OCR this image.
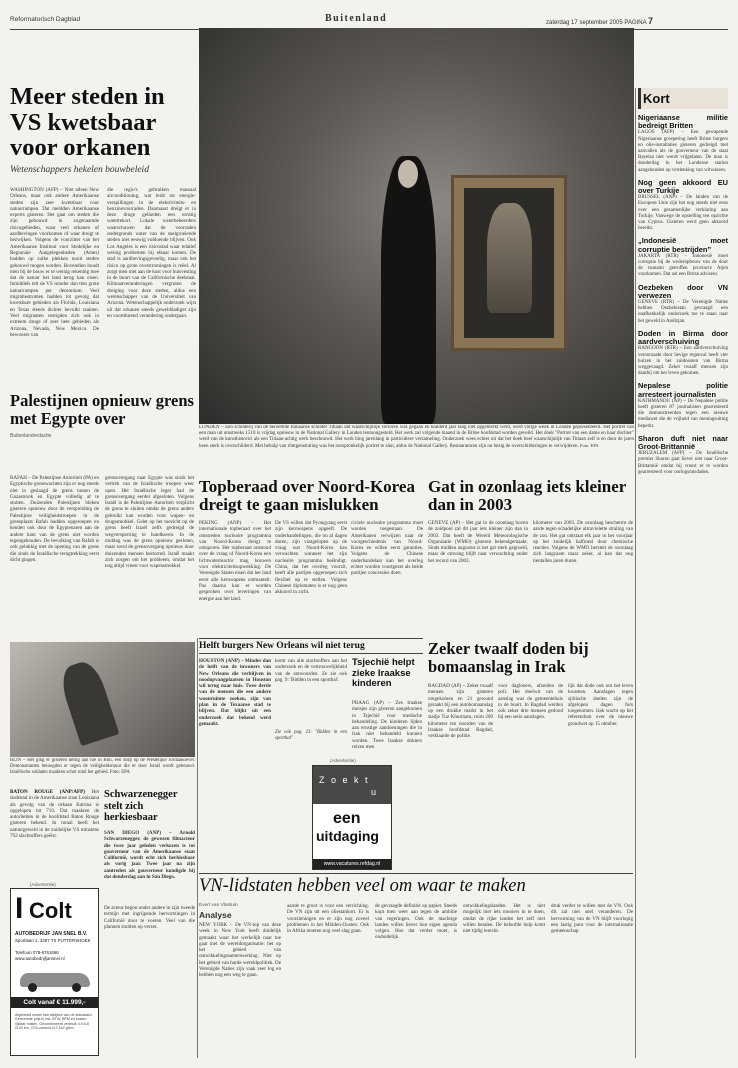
Reformatorisch Dagblad	Buitenland	zaterdag 17 september 2005 PAGINA 7
Meer steden in VS kwetsbaar voor orkanen
Wetenschappers hekelen bouwbeleid
WASHINGTON (AFP) – Niet alleen New Orleans, maar ook andere Amerikaanse steden zijn zeer kwetsbaar voor natuurrampen. Dat meldden Amerikaanse experts gisteren. Het gaat om steden die zijn gebouwd in zogenaamde risicogebieden, waar veel orkanen of aardbevingen voorkomen of waar dreigt te bezwijken. Volgens de voorzitter van het Amerikaanse Instituut voor Stedelijke en Regionale Aangelegenheden (Ames) hadden op zulke plekken nooit steden gebouwd mogen worden. Bovendien houdt men bij de bouw er te weinig rekening mee dat de natuur het land terug kan eisen. Inmiddels telt de VS minder dan tien grote natuurrampen per decennium. Veel migratiestromen hadden tot gevolg dat kwetsbare gebieden als Florida, Louisiana en Texas steeds dichter bevolkt raakten. Veel migranten vestigden zich ook in extreem droge of zeer hete gebieden als Arizona, Nevada, New Mexico. De bewoners van
die regio's gebruiken massaal airconditioning, wat leidt tot energie-verspillingen in de elektriciteits- en benzinevoorraden. Daarnaast dreigt er in deze droge gebieden een ernstig watertekort. Lokale waterbeheerders waarschuwen dat de voorraden ondergronds water van de snelgroeiende steden niet eeuwig voldoende blijven. Ook Los Angeles is een risicostad waar relatief weinig problemen bij elkaar komen. De stad is aardbevingsgevoelig, maar ook het risico op grote overstromingen is reëel. Al zorgt men niet aan de kust voor huisvesting in de buurt van de Californische deelstaat. Klimaatveranderingen vergroten de dreiging voor deze steden, aldus een wetenschapper van de Universiteit van Arizona. Wetenschappelijk onderzoek wijst uit dat orkanen steeds gewelddadiger zijn en voortdurend verandering ondergaan.
LONDEN – Een schilderij van de beroemde Italiaanse schilder Titiaan dat waarschijnlijk verloren was gegaan en honderd jaar lang niet opgemerkt werd, werd vorige week in Londen gepresenteerd. Het portret van een man uit omstreeks 1510 is vrijdag opnieuw in de National Gallery in Londen tentoongesteld. Het werk zal volgende maand in de Britse hoofdstad worden geveild. Het doek "Portret van een dame en haar dochter" werd van de kunsthistorici als een Titiaan-achtig werk beschouwd. Het werk hing jarenlang in particuliere verzameling. Onderzoek wees echter uit dat het doek heel waarschijnlijk van Titiaan zelf is en door de jaren heen sterk is overschilderd. Met behulp van röntgenstraling was het oorspronkelijk portret te zien, aldus de National Gallery. Restauratoren zijn nu bezig de overschilderingen te verwijderen. Foto: EPA
Kort
Nigeriaanse militie bedreigt Britten
LAGOS (AFP) – Een gewapende Nigeriaanse groepering heeft Britse burgers en olie-installaties gisteren gedreigd met aanvallen als de gouverneur van de staat Bayelsa niet wordt vrijgelaten. De man is donderdag in het Londense station aangehouden op verdenking van witwassen.
Nog geen akkoord EU over Turkije
BRUSSEL (ANP) – De landen van de Europese Unie zijn het nog steeds niet eens over een gezamenlijke verklaring aan Turkije. Vanwege de opstelling ten opzichte van Cyprus. Gisteren werd geen akkoord bereikt.
„Indonesië moet corruptie bestrijden”
JAKARTA (RTR) – Indonesië moet corruptie bij de wederopbouw van de door de tsunami getroffen provincie Atjeh voorkomen. Dat zei een Britse adviseur.
Oezbeken door VN verwezen
GENEVE (RTR) – De Verenigde Naties hebben Oezbekistan gevraagd een onafhankelijk onderzoek toe te staan naar het geweld in Andizjan.
Doden in Birma door aardverschuiving
RANGOON (RTR) – Een aardverschuiving veroorzaakt door hevige regenval heeft vier huizen in het zuidoosten van Birma weggevaagd. Zeker twaalf mensen zijn daarbij om het leven gekomen.
Nepalese politie arresteert journalisten
KATHMANDU (AP) – De Nepalese politie heeft gisteren 87 journalisten gearresteerd die demonstreerden tegen een nieuwe mediawet die de vrijheid van meningsuiting beperkt.
Sharon duft niet naar Groot-Brittannië
JERUZALEM (AFP) – De Israëlische premier Sharon gaat liever niet naar Groot-Brittannië omdat hij vreest er te worden gearresteerd voor oorlogsmisdaden.
Palestijnen opnieuw grens met Egypte over
Buitenlandredactie
RAFAH – De Palestijnse Autoriteit (PA) en Egyptische grenswachten zijn er nog steeds niet in geslaagd de grens tussen de Gazastrook en Egypte volledig af te sluiten. Duizenden Palestijnen bleken gisteren opnieuw door de verspreiding de Palestijnse veiligheidstroepen in de grensplaats Rafah hadden opgeroepen en kenden ook door de Egyptenaren aan de andere kant van de grens niet worden tegengehouden. De bevolking van Rafah is ook gelukkig met de opening van de grens die sinds de Israëlische terugtrekking eerst dicht gingen.
grensovergang naar Egypte was sinds het vertrek van de Israëlische troepen weer open. Het Israëlische leger had de grensovergang eerder afgesloten. Volgens Israël is de Palestijnse Autoriteit verplicht de grens te sluiten omdat de grens anders gebruikt kan worden voor wapen- en drugssmokkel. Gelet op het toezicht op de grens heeft Israël zelfs gedreigd de wegversperring te handhaven. In de middag was de grens opnieuw gesloten, maar werd de grensovergang opnieuw door duizenden mensen bestormd. Israël maakt zich zorgen om het probleem, omdat het nog altijd vreest voor wapensmokkel.
Topberaad over Noord-Korea dreigt te gaan mislukken
PEKING (ANP) – Het internationale topberaad over het omstreden nucleaire programma van Noord-Korea dreigt te ontsporen. Het topberaad ontstond over de vraag of Noord-Korea een lichtwaterreactor mag bouwen voor elektriciteitsopwekking. De Verenigde Staten eisen dat het land eerst alle kernwapens ontmantelt. Pas daarna kan er worden gesproken over leveringen van energie aan het land.
De VS willen dat Pyongyang eerst zijn kernwapens opgeeft. De onderhandelingen, die nu al dagen duren, zijn vastgelopen op de vraag wat Noord-Korea kan verwachten wanneer het zijn nucleaire programma beëindigt. China, dat het overleg voorzit, heeft alle partijen opgeroepen zich flexibel op te stellen. Volgens Chinese diplomaten is er nog geen akkoord in zicht.
civiele nucleaire programma moet worden toegestaan. De Amerikanen verwijzen naar de voorgeschiedenis van Noord-Korea en willen eerst garanties. Volgens de Chinese onderhandelaar kan het overleg echter worden voortgezet als beide partijen concessies doen.
Gat in ozonlaag iets kleiner dan in 2003
GENEVE (AP) – Het gat in de ozonlaag boven de zuidpool zal dit jaar iets kleiner zijn dan in 2003. Dat heeft de Wereld Meteorologische Organisatie (WMO) gisteren bekendgemaakt. Sinds midden augustus is het gat sterk gegroeid, maar de omvang blijft naar verwachting onder het record van 2003.
kilometer van 2003. De ozonlaag beschermt de aarde tegen schadelijke ultraviolette straling van de zon. Het gat ontstaat elk jaar in het voorjaar op het zuidelijk halfrond door chemische reacties. Volgens de WMO herstelt de ozonlaag zich langzaam maar zeker, al kan dat nog tientallen jaren duren.
BLIN – Het ging er gisteren heftig aan toe in Blin, een dorp op de Westelijke Jordaanoever. Demonstranten betoogden er tegen de veiligheidsmuur die er door Israël wordt gebouwd. Israëlische soldaten maakten schot rond het gebied. Foto: EPA
BATON ROUGE (ANP/AFP) Het dodental in de Amerikaanse staat Louisiana als gevolg van de orkaan Katrina is opgelopen tot 710. Dat maakten de autoriteiten in de hoofdstad Baton Rouge gisteren bekend. In totaal heeft het natuurgeweld in de zuidelijke VS minstens 792 slachtoffers geëist.
Schwarzenegger stelt zich herkiesbaar
SAN DIEGO (ANP) – Arnold Schwarzenegger, de gewezen filmacteur die twee jaar geleden verkozen is tot gouverneur van de Amerikaanse staat Californië, wordt echt zich herkiesbaar als vorig jaar. Twee jaar na zijn aantreden als gouverneur kondigde hij dat donderdag aan in San Diego.
De acteur begon onder andere in zijn tweede termijn met ingrijpende hervormingen in Californië door te voeren. Veel van die plannen stuitten op verzet.
(Advertentie)
I Colt
AUTOBEDRIJF JAN SNEL B.V.
Sportlaan 1, 3297 TS PUTTERSHOEK
Telefoon 078-6761666
www.autobedrijfjansnel.nl
Colt vanaf € 11.999,-
Afgebeeld model kan afwijken van de standaard. Genoemde prijs is incl. BTW, BPM en kosten rijklaar maken. Gecombineerd verbruik 4,9-6,8 l/100 km. CO2-uitstoot 117-162 g/km.
Helft burgers New Orleans wil niet terug
HOUSTON (ANP) – Minder dan de helft van de inwoners van New Orleans die verblijven in noodopvangplaatsen in Houston wil terug naar huis. Twee derde van de mensen die een andere woonruimte zoeken, zijn van plan in de Texaanse stad te blijven. Dat blijkt uit een onderzoek dat bekend werd gemaakt.
komt van alle slachtoffers aan het onderzoek en de vertrouwelijkheid van de antwoorden. Ze zie ook pag. 9: 'Bidden in een sporthal'.
Zie ook pag. 23: "Bidden in een sporthal"
Tsjechië helpt zieke Iraakse kinderen
PRAAG (AP) – Zes Iraakse meisjes zijn gisteren aangekomen in Tsjechië voor medische behandeling. De kinderen lijden aan ernstige aandoeningen die in Irak niet behandeld kunnen worden. Twee Iraakse dokters reizen mee.
(Advertentie)
Z o e k t
u
een
uitdaging
www.vacatures.refdag.nl
Zeker twaalf doden bij bomaanslag in Irak
BAGDAD (AP) – Zeker twaalf mensen zijn gisteren omgekomen en 21 gewond geraakt bij een autobomaanslag op een drukke markt in het stadje Tuz Khurmatu, ruim 200 kilometer ten noorden van de Iraakse hoofdstad Bagdad, verklaarde de politie.
voor dagloners, afzeiden de poli. Het doelwit van de aanslag was de gemeentehuis in de buurt. In Bagdad werden ook zeker drie mensen gedood bij een serie aanslagen.
lijk dat dode ook om het leven kwamen. Aanslagen tegen sjiitische doelen zijn de afgelopen dagen fors toegenomen. Irak wacht op het referendum over de nieuwe grondwet op 15 oktober.
VN-lidstaten hebben veel om waar te maken
Evert van Vlastuin
Analyse
NEW YORK – De VN-top van deze week in New York heeft duidelijk gemaakt waar het werkelijk naar toe gaat met de wereldorganisatie: het op het gebied van ontwikkelingssamenwerking. Niet op het gebied van harde wereldpolitiek. De Verenigde Naties zijn vaak zeer log en hebben nog een weg te gaan.
aande te groot is voor een verrichting. De VN zijn uit een oliestankort. Er is voorzieningen en er zijn nog zoveel problemen in het Midden-Oosten. Ook in Afrika moeten nog veel slag gaan.
de gevraagde definitie op papier. Steeds kopt men weer aan tegen de ambitie van regeringen. Ook de machtige landen willen liever hun eigen agenda volgen. Hoe dat verder moet, is onduidelijk.
ontwikkelingslanden. Het is niet mogelijk hier iets mooiers in te doen, omdat de rijke landen het zelf niet willen betalen. De beloofde hulp komt niet tijdig terecht.
druk verder te willen met de VN. Ook dit zal niet snel veranderen. De hervorming van de VN blijft voorlopig een lastig punt voor de internationale gemeenschap.
